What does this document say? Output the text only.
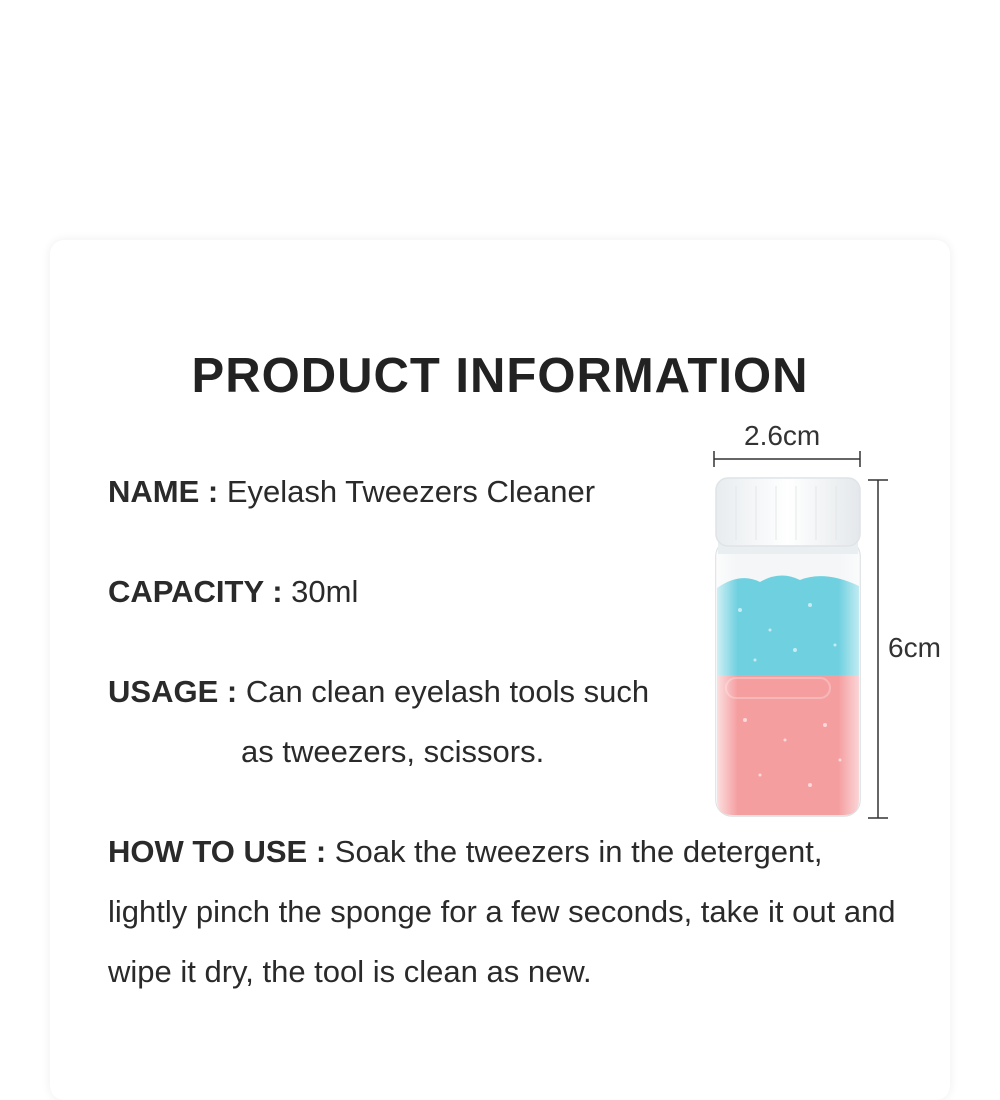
PRODUCT INFORMATION
NAME : Eyelash Tweezers Cleaner
CAPACITY : 30ml
USAGE : Can clean eyelash tools such
as tweezers, scissors.
HOW TO USE : Soak the tweezers in the detergent, lightly pinch the sponge for a few seconds, take it out and wipe it dry, the tool is clean as new.
2.6cm
6cm
